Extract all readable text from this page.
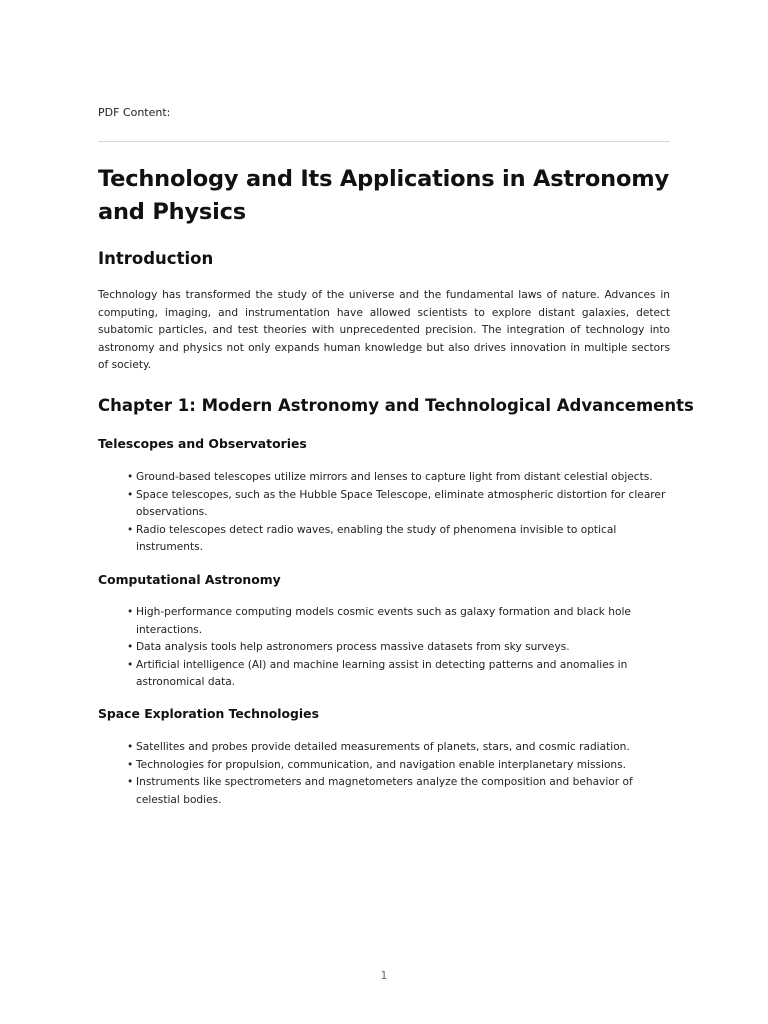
PDF Content:
Technology and Its Applications in Astronomy and Physics
Introduction

Technology has transformed the study of the universe and the fundamental laws of nature. Advances in computing, imaging, and instrumentation have allowed scientists to explore distant galaxies, detect subatomic particles, and test theories with unprecedented precision. The integration of technology into astronomy and physics not only expands human knowledge but also drives innovation in multiple sectors of society.

Chapter 1: Modern Astronomy and Technological Advancements
Telescopes and Observatories
• Ground-based telescopes utilize mirrors and lenses to capture light from distant celestial objects.
• Space telescopes, such as the Hubble Space Telescope, eliminate atmospheric distortion for clearer observations.
• Radio telescopes detect radio waves, enabling the study of phenomena invisible to optical instruments.
Computational Astronomy
• High-performance computing models cosmic events such as galaxy formation and black hole interactions.
• Data analysis tools help astronomers process massive datasets from sky surveys.
• Artificial intelligence (AI) and machine learning assist in detecting patterns and anomalies in astronomical data.
Space Exploration Technologies
• Satellites and probes provide detailed measurements of planets, stars, and cosmic radiation.
• Technologies for propulsion, communication, and navigation enable interplanetary missions.
• Instruments like spectrometers and magnetometers analyze the composition and behavior of celestial bodies.
1
